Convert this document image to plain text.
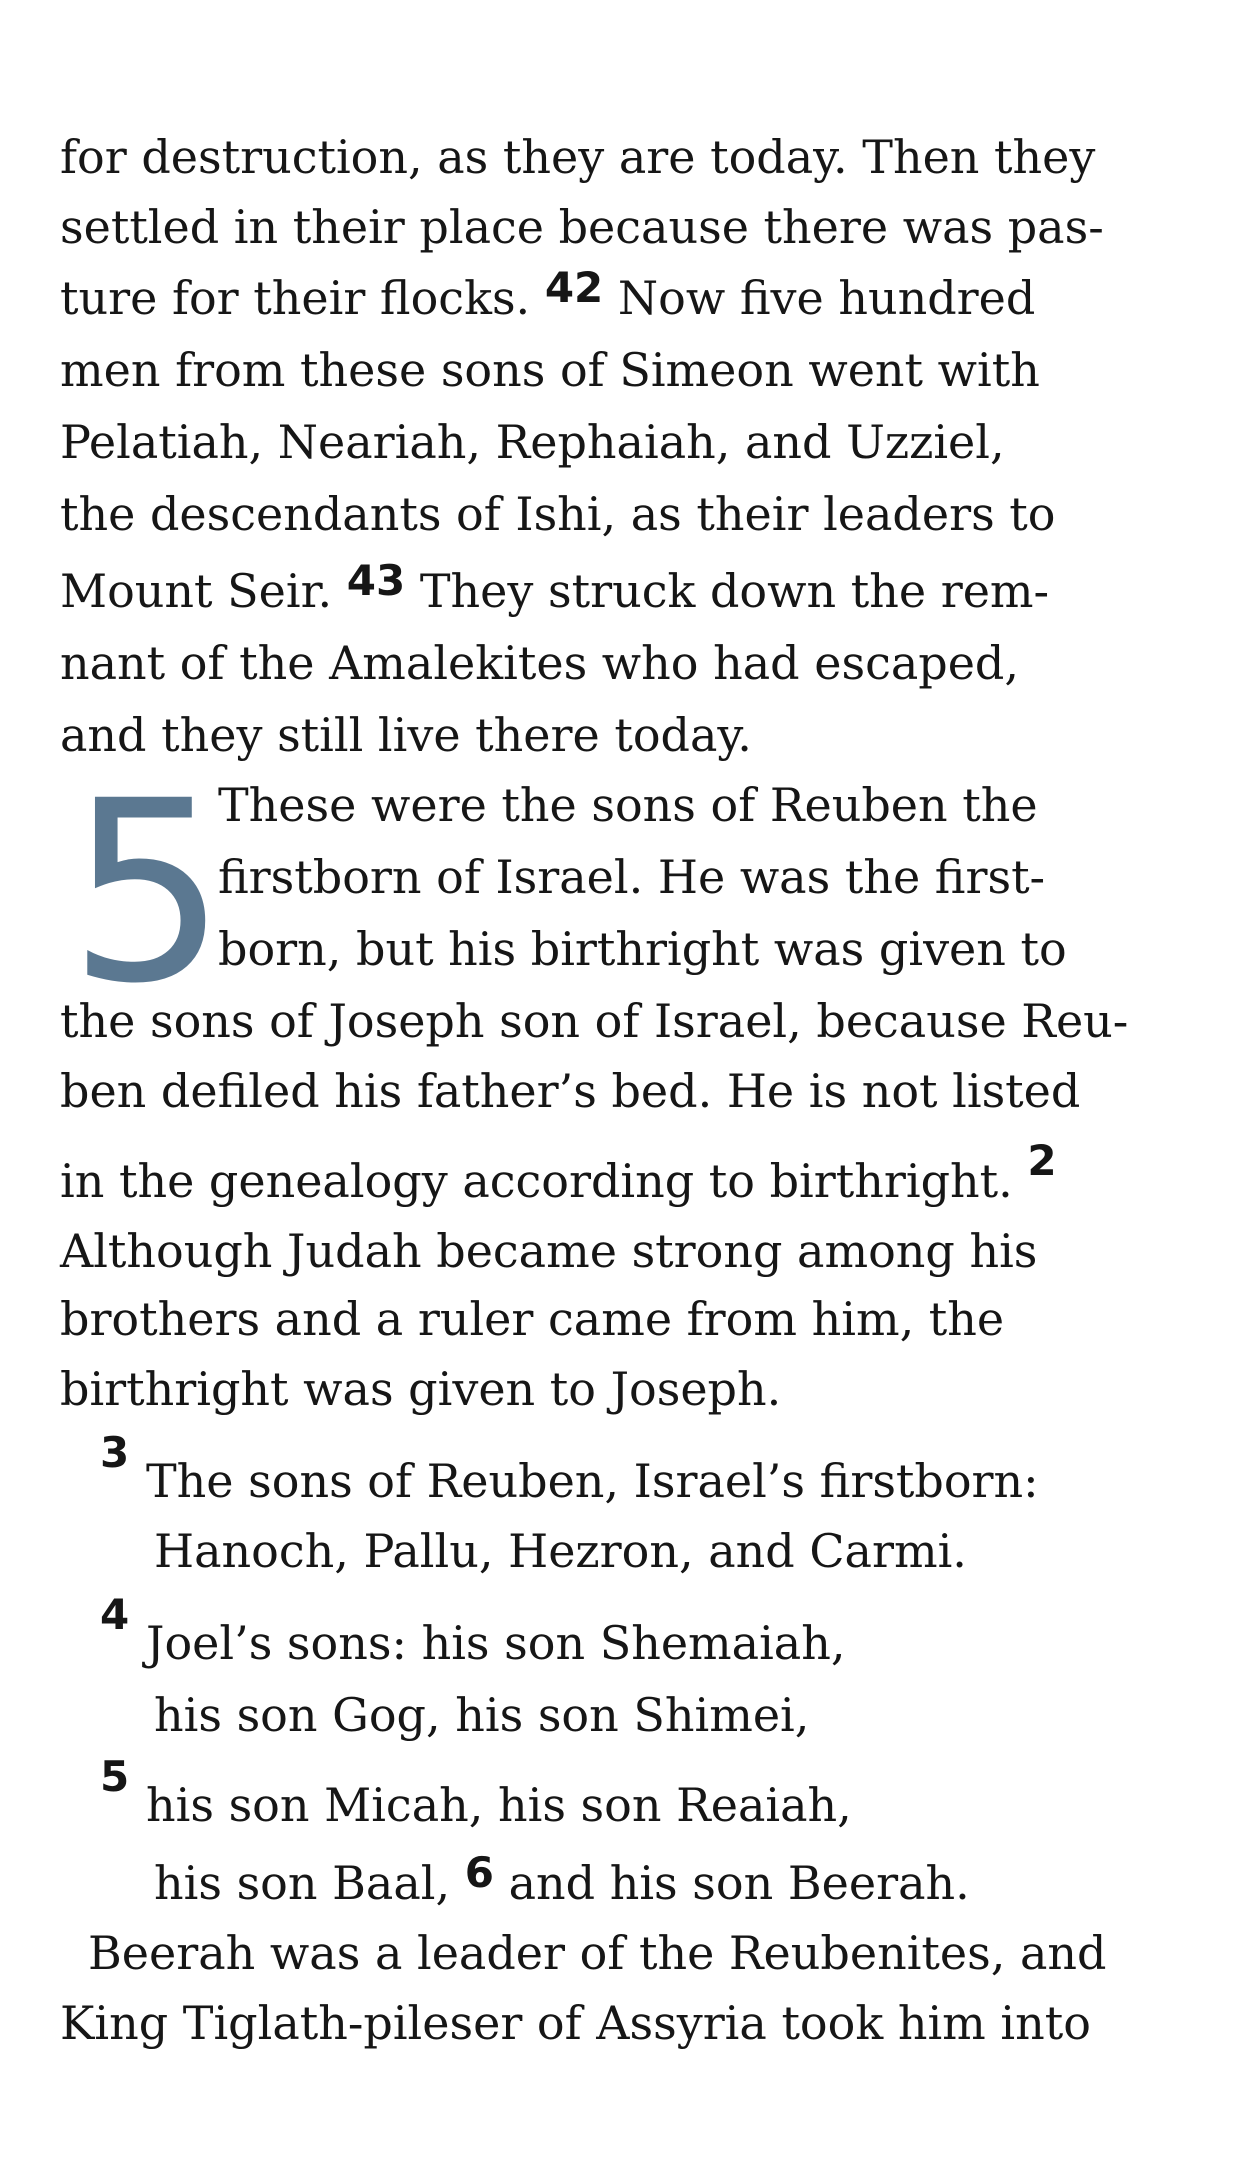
for destruction, as they are today. Then they
settled in their place because there was pas-
ture for their flocks. 42 Now five hundred
men from these sons of Simeon went with
Pelatiah, Neariah, Rephaiah, and Uzziel,
the descendants of Ishi, as their leaders to
Mount Seir. 43 They struck down the rem-
nant of the Amalekites who had escaped,
and they still live there today.
5
These were the sons of Reuben the
firstborn of Israel. He was the first-
born, but his birthright was given to
the sons of Joseph son of Israel, because Reu-
ben defiled his father’s bed. He is not listed
in the genealogy according to birthright. 2
Although Judah became strong among his
brothers and a ruler came from him, the
birthright was given to Joseph.
3
The sons of Reuben, Israel’s firstborn:
Hanoch, Pallu, Hezron, and Carmi.
4
Joel’s sons: his son Shemaiah,
his son Gog, his son Shimei,
5
his son Micah, his son Reaiah,
his son Baal, 6 and his son Beerah.
Beerah was a leader of the Reubenites, and
King Tiglath-pileser of Assyria took him into
